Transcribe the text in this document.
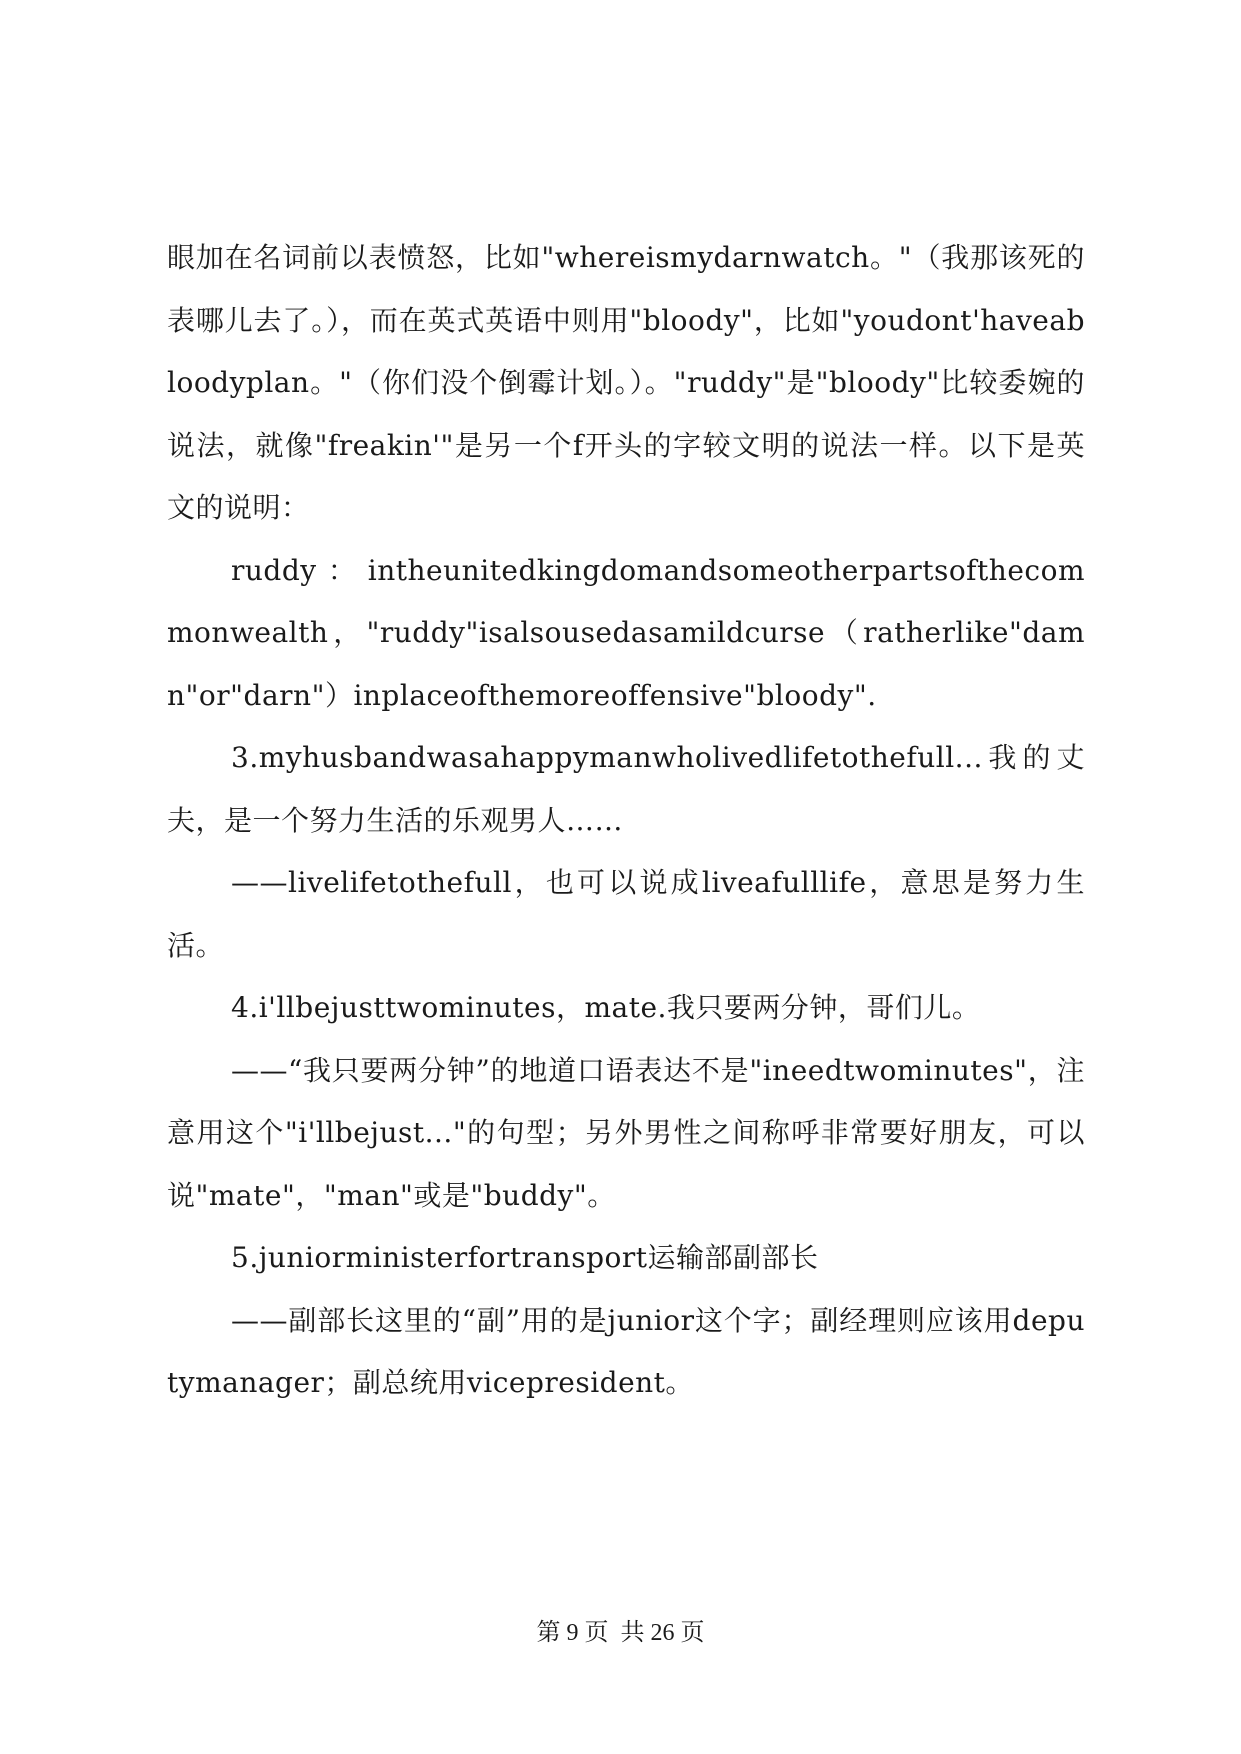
眼加在名词前以表愤怒，比如"whereismydarnwatch。"（我那该死的表哪儿去了。），而在英式英语中则用"bloody"，比如"youdont'haveabloodyplan。"（你们没个倒霉计划。）。"ruddy"是"bloody"比较委婉的说法，就像"freakin'"是另一个f开头的字较文明的说法一样。以下是英文的说明：

ruddy：intheunitedkingdomandsomeotherpartsofthecommonwealth，"ruddy"isalsousedasamildcurse（ratherlike"damn"or"darn"）inplaceofthemoreoffensive"bloody".

3.myhusbandwasahappymanwholivedlifetothefull...我的丈夫，是一个努力生活的乐观男人……

——livelifetothefull，也可以说成liveafulllife，意思是努力生活。

4.i'llbejusttwominutes，mate.我只要两分钟，哥们儿。

——“我只要两分钟”的地道口语表达不是"ineedtwominutes"，注意用这个"i'llbejust..."的句型；另外男性之间称呼非常要好朋友，可以说"mate"，"man"或是"buddy"。

5.juniorministerfortransport运输部副部长

——副部长这里的“副”用的是junior这个字；副经理则应该用deputymanager；副总统用vicepresident。

第 9 页  共 26 页
